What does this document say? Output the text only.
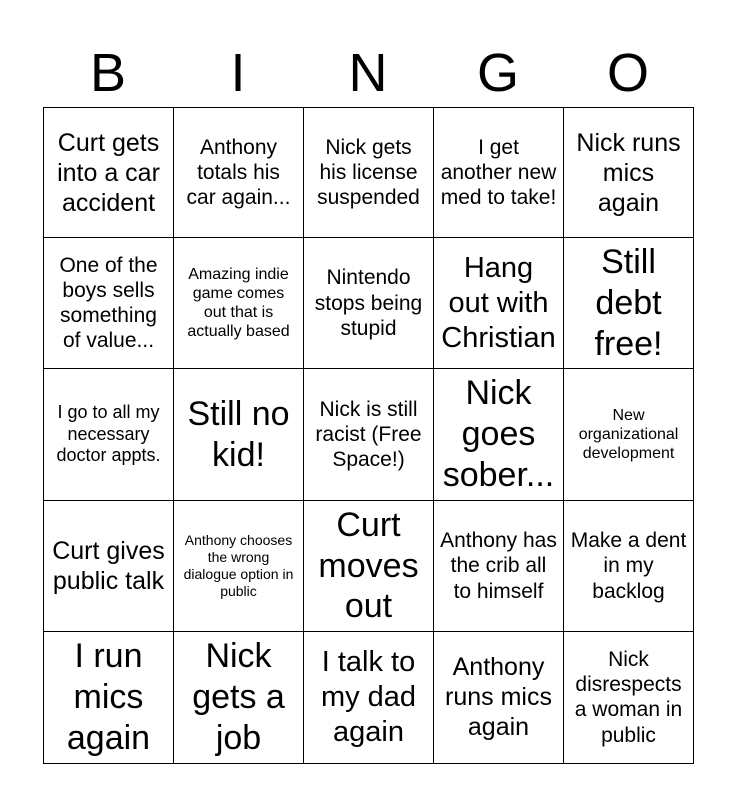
B	I	N	G	O
Curt gets into a car accident	Anthony totals his car again...	Nick gets his license suspended	I get another new med to take!	Nick runs mics again
One of the boys sells something of value...	Amazing indie game comes out that is actually based	Nintendo stops being stupid	Hang out with Christian	Still debt free!
I go to all my necessary doctor appts.	Still no kid!	Nick is still racist (Free Space!)	Nick goes sober...	New organizational development
Curt gives public talk	Anthony chooses the wrong dialogue option in public	Curt moves out	Anthony has the crib all to himself	Make a dent in my backlog
I run mics again	Nick gets a job	I talk to my dad again	Anthony runs mics again	Nick disrespects a woman in public
